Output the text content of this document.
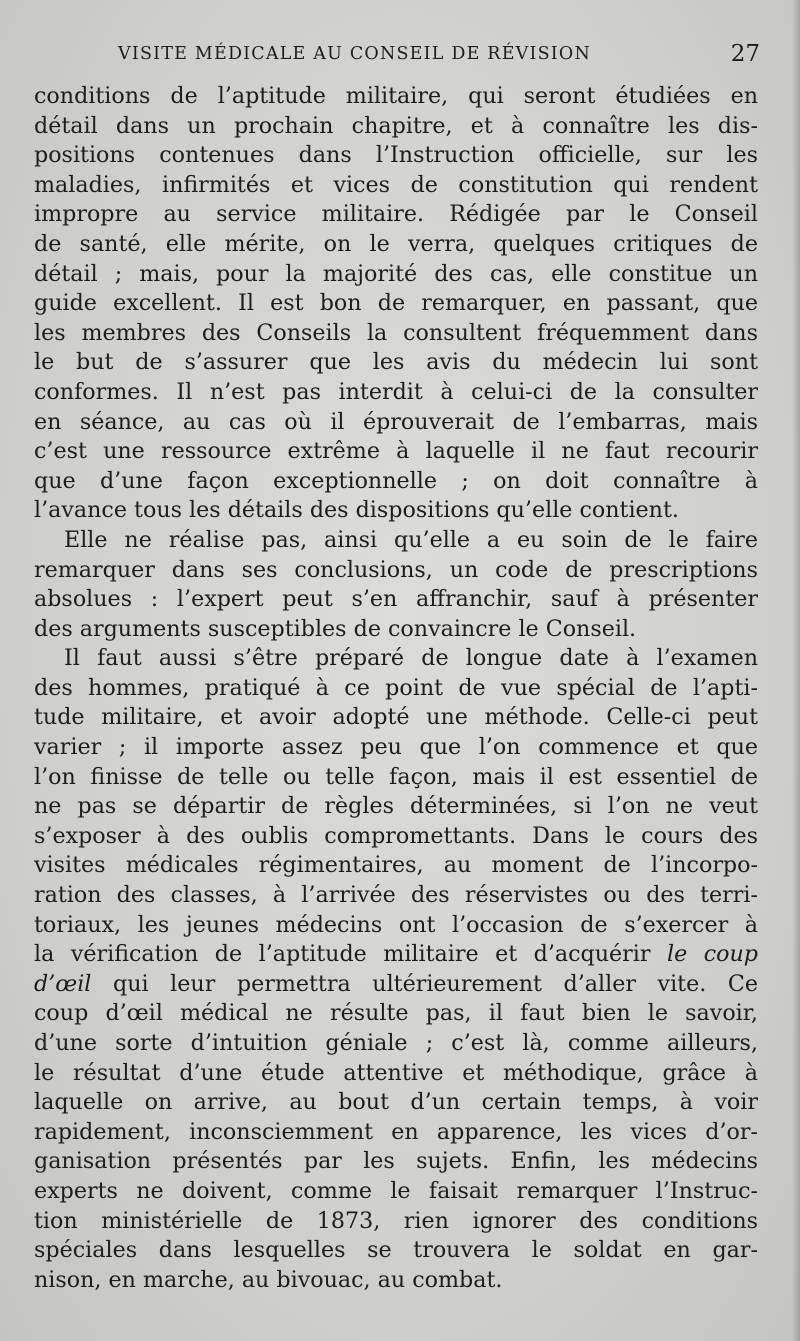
VISITE MÉDICALE AU CONSEIL DE RÉVISION	27
conditions de l’aptitude militaire, qui seront étudiées en
détail dans un prochain chapitre, et à connaître les dis-
positions contenues dans l’Instruction officielle, sur les
maladies, infirmités et vices de constitution qui rendent
impropre au service militaire. Rédigée par le Conseil
de santé, elle mérite, on le verra, quelques critiques de
détail ; mais, pour la majorité des cas, elle constitue un
guide excellent. Il est bon de remarquer, en passant, que
les membres des Conseils la consultent fréquemment dans
le but de s’assurer que les avis du médecin lui sont
conformes. Il n’est pas interdit à celui-ci de la consulter
en séance, au cas où il éprouverait de l’embarras, mais
c’est une ressource extrême à laquelle il ne faut recourir
que d’une façon exceptionnelle ; on doit connaître à
l’avance tous les détails des dispositions qu’elle contient.
Elle ne réalise pas, ainsi qu’elle a eu soin de le faire
remarquer dans ses conclusions, un code de prescriptions
absolues : l’expert peut s’en affranchir, sauf à présenter
des arguments susceptibles de convaincre le Conseil.
Il faut aussi s’être préparé de longue date à l’examen
des hommes, pratiqué à ce point de vue spécial de l’apti-
tude militaire, et avoir adopté une méthode. Celle-ci peut
varier ; il importe assez peu que l’on commence et que
l’on finisse de telle ou telle façon, mais il est essentiel de
ne pas se départir de règles déterminées, si l’on ne veut
s’exposer à des oublis compromettants. Dans le cours des
visites médicales régimentaires, au moment de l’incorpo-
ration des classes, à l’arrivée des réservistes ou des terri-
toriaux, les jeunes médecins ont l’occasion de s’exercer à
la vérification de l’aptitude militaire et d’acquérir le coup
d’œil qui leur permettra ultérieurement d’aller vite. Ce
coup d’œil médical ne résulte pas, il faut bien le savoir,
d’une sorte d’intuition géniale ; c’est là, comme ailleurs,
le résultat d’une étude attentive et méthodique, grâce à
laquelle on arrive, au bout d’un certain temps, à voir
rapidement, inconsciemment en apparence, les vices d’or-
ganisation présentés par les sujets. Enfin, les médecins
experts ne doivent, comme le faisait remarquer l’Instruc-
tion ministérielle de 1873, rien ignorer des conditions
spéciales dans lesquelles se trouvera le soldat en gar-
nison, en marche, au bivouac, au combat.
